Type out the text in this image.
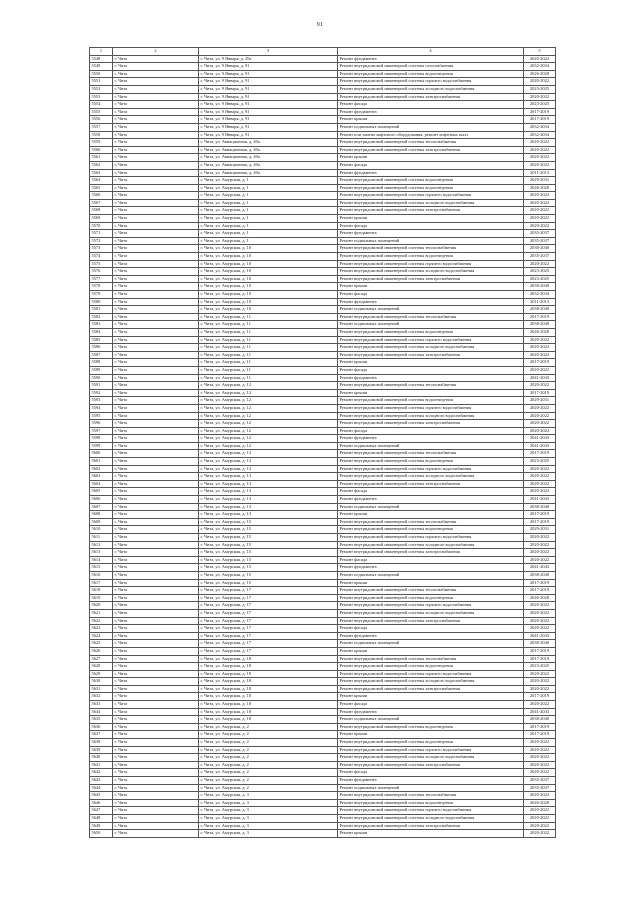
91
1	2	3	4	5
5548	г. Чита	г. Чита, ул. 9 Января, д. 29а	Ремонт фундамента	2020-2022
5549	г. Чита	г. Чита, ул. 9 Января, д. 91	Ремонт внутридомовой инженерной системы газоснабжения	2032-2034
5550	г. Чита	г. Чита, ул. 9 Января, д. 91	Ремонт внутридомовой инженерной системы водоотведения	2026-2028
5551	г. Чита	г. Чита, ул. 9 Января, д. 91	Ремонт внутридомовой инженерной системы горячего водоснабжения	2020-2022
5552	г. Чита	г. Чита, ул. 9 Января, д. 91	Ремонт внутридомовой инженерной системы холодного водоснабжения	2023-2025
5553	г. Чита	г. Чита, ул. 9 Января, д. 91	Ремонт внутридомовой инженерной системы электроснабжения	2020-2022
5554	г. Чита	г. Чита, ул. 9 Января, д. 91	Ремонт фасада	2023-2025
5555	г. Чита	г. Чита, ул. 9 Января, д. 91	Ремонт фундамента	2017-2019
5556	г. Чита	г. Чита, ул. 9 Января, д. 91	Ремонт крыши	2017-2019
5557	г. Чита	г. Чита, ул. 9 Января, д. 91	Ремонт подвальных помещений	2032-2034
5558	г. Чита	г. Чита, ул. 9 Января, д. 91	Ремонт или замена лифтового оборудования, ремонт лифтовых шахт	2032-2034
5559	г. Чита	г. Чита, ул. Авиационная, д. 40а	Ремонт внутридомовой инженерной системы теплоснабжения	2020-2022
5560	г. Чита	г. Чита, ул. Авиационная, д. 40а	Ремонт внутридомовой инженерной системы электроснабжения	2020-2022
5561	г. Чита	г. Чита, ул. Авиационная, д. 40а	Ремонт крыши	2020-2022
5562	г. Чита	г. Чита, ул. Авиационная, д. 40а	Ремонт фасада	2020-2022
5563	г. Чита	г. Чита, ул. Авиационная, д. 40а	Ремонт фундамента	2011-2013
5564	г. Чита	г. Чита, ул. Амурская, д. 1	Ремонт внутридомовой инженерной системы водоотведения	2029-2031
5565	г. Чита	г. Чита, ул. Амурская, д. 1	Ремонт внутридомовой инженерной системы водоотведения	2026-2028
5566	г. Чита	г. Чита, ул. Амурская, д. 1	Ремонт внутридомовой инженерной системы горячего водоснабжения	2020-2022
5567	г. Чита	г. Чита, ул. Амурская, д. 1	Ремонт внутридомовой инженерной системы холодного водоснабжения	2020-2022
5568	г. Чита	г. Чита, ул. Амурская, д. 1	Ремонт внутридомовой инженерной системы электроснабжения	2020-2022
5569	г. Чита	г. Чита, ул. Амурская, д. 1	Ремонт крыши	2020-2022
5570	г. Чита	г. Чита, ул. Амурская, д. 1	Ремонт фасада	2020-2022
5571	г. Чита	г. Чита, ул. Амурская, д. 1	Ремонт фундамента	2035-2037
5572	г. Чита	г. Чита, ул. Амурская, д. 1	Ремонт подвальных помещений	2035-2037
5573	г. Чита	г. Чита, ул. Амурская, д. 10	Ремонт внутридомовой инженерной системы теплоснабжения	2038-2040
5574	г. Чита	г. Чита, ул. Амурская, д. 10	Ремонт внутридомовой инженерной системы водоотведения	2035-2037
5575	г. Чита	г. Чита, ул. Амурская, д. 10	Ремонт внутридомовой инженерной системы горячего водоснабжения	2020-2022
5576	г. Чита	г. Чита, ул. Амурская, д. 10	Ремонт внутридомовой инженерной системы холодного водоснабжения	2023-2025
5577	г. Чита	г. Чита, ул. Амурская, д. 10	Ремонт внутридомовой инженерной системы электроснабжения	2023-2025
5578	г. Чита	г. Чита, ул. Амурская, д. 10	Ремонт крыши	2038-2040
5579	г. Чита	г. Чита, ул. Амурская, д. 10	Ремонт фасада	2032-2034
5580	г. Чита	г. Чита, ул. Амурская, д. 10	Ремонт фундамента	2011-2013
5581	г. Чита	г. Чита, ул. Амурская, д. 10	Ремонт подвальных помещений	2038-2040
5582	г. Чита	г. Чита, ул. Амурская, д. 11	Ремонт внутридомовой инженерной системы теплоснабжения	2017-2019
5583	г. Чита	г. Чита, ул. Амурская, д. 11	Ремонт подвальных помещений	2038-2040
5584	г. Чита	г. Чита, ул. Амурская, д. 11	Ремонт внутридомовой инженерной системы водоотведения	2026-2028
5585	г. Чита	г. Чита, ул. Амурская, д. 11	Ремонт внутридомовой инженерной системы горячего водоснабжения	2020-2022
5586	г. Чита	г. Чита, ул. Амурская, д. 11	Ремонт внутридомовой инженерной системы холодного водоснабжения	2020-2022
5587	г. Чита	г. Чита, ул. Амурская, д. 11	Ремонт внутридомовой инженерной системы электроснабжения	2020-2022
5588	г. Чита	г. Чита, ул. Амурская, д. 11	Ремонт крыши	2017-2019
5589	г. Чита	г. Чита, ул. Амурская, д. 11	Ремонт фасада	2020-2022
5590	г. Чита	г. Чита, ул. Амурская, д. 11	Ремонт фундамента	2041-2043
5591	г. Чита	г. Чита, ул. Амурская, д. 12	Ремонт внутридомовой инженерной системы теплоснабжения	2020-2022
5592	г. Чита	г. Чита, ул. Амурская, д. 12	Ремонт крыши	2017-2019
5593	г. Чита	г. Чита, ул. Амурская, д. 12	Ремонт внутридомовой инженерной системы водоотведения	2029-2031
5594	г. Чита	г. Чита, ул. Амурская, д. 12	Ремонт внутридомовой инженерной системы горячего водоснабжения	2020-2022
5595	г. Чита	г. Чита, ул. Амурская, д. 12	Ремонт внутридомовой инженерной системы холодного водоснабжения	2020-2022
5596	г. Чита	г. Чита, ул. Амурская, д. 12	Ремонт внутридомовой инженерной системы электроснабжения	2020-2022
5597	г. Чита	г. Чита, ул. Амурская, д. 12	Ремонт фасада	2020-2022
5598	г. Чита	г. Чита, ул. Амурская, д. 12	Ремонт фундамента	2041-2043
5599	г. Чита	г. Чита, ул. Амурская, д. 12	Ремонт подвальных помещений	2041-2043
5600	г. Чита	г. Чита, ул. Амурская, д. 13	Ремонт внутридомовой инженерной системы теплоснабжения	2017-2019
5601	г. Чита	г. Чита, ул. Амурская, д. 13	Ремонт внутридомовой инженерной системы водоотведения	2023-2025
5602	г. Чита	г. Чита, ул. Амурская, д. 13	Ремонт внутридомовой инженерной системы горячего водоснабжения	2020-2022
5603	г. Чита	г. Чита, ул. Амурская, д. 13	Ремонт внутридомовой инженерной системы холодного водоснабжения	2020-2022
5604	г. Чита	г. Чита, ул. Амурская, д. 13	Ремонт внутридомовой инженерной системы электроснабжения	2020-2022
5605	г. Чита	г. Чита, ул. Амурская, д. 13	Ремонт фасада	2020-2022
5606	г. Чита	г. Чита, ул. Амурская, д. 13	Ремонт фундамента	2041-2043
5607	г. Чита	г. Чита, ул. Амурская, д. 13	Ремонт подвальных помещений	2038-2040
5608	г. Чита	г. Чита, ул. Амурская, д. 13	Ремонт крыши	2017-2019
5609	г. Чита	г. Чита, ул. Амурская, д. 15	Ремонт внутридомовой инженерной системы теплоснабжения	2017-2019
5610	г. Чита	г. Чита, ул. Амурская, д. 15	Ремонт внутридомовой инженерной системы водоотведения	2029-2031
5611	г. Чита	г. Чита, ул. Амурская, д. 15	Ремонт внутридомовой инженерной системы горячего водоснабжения	2020-2022
5612	г. Чита	г. Чита, ул. Амурская, д. 15	Ремонт внутридомовой инженерной системы холодного водоснабжения	2020-2022
5613	г. Чита	г. Чита, ул. Амурская, д. 15	Ремонт внутридомовой инженерной системы электроснабжения	2020-2022
5614	г. Чита	г. Чита, ул. Амурская, д. 15	Ремонт фасада	2020-2022
5615	г. Чита	г. Чита, ул. Амурская, д. 15	Ремонт фундамента	2041-2043
5616	г. Чита	г. Чита, ул. Амурская, д. 15	Ремонт подвальных помещений	2038-2040
5617	г. Чита	г. Чита, ул. Амурская, д. 15	Ремонт крыши	2017-2019
5618	г. Чита	г. Чита, ул. Амурская, д. 17	Ремонт внутридомовой инженерной системы теплоснабжения	2017-2019
5619	г. Чита	г. Чита, ул. Амурская, д. 17	Ремонт внутридомовой инженерной системы водоотведения	2026-2028
5620	г. Чита	г. Чита, ул. Амурская, д. 17	Ремонт внутридомовой инженерной системы горячего водоснабжения	2020-2022
5621	г. Чита	г. Чита, ул. Амурская, д. 17	Ремонт внутридомовой инженерной системы холодного водоснабжения	2020-2022
5622	г. Чита	г. Чита, ул. Амурская, д. 17	Ремонт внутридомовой инженерной системы электроснабжения	2020-2022
5623	г. Чита	г. Чита, ул. Амурская, д. 17	Ремонт фасада	2020-2022
5624	г. Чита	г. Чита, ул. Амурская, д. 17	Ремонт фундамента	2041-2043
5625	г. Чита	г. Чита, ул. Амурская, д. 17	Ремонт подвальных помещений	2038-2040
5626	г. Чита	г. Чита, ул. Амурская, д. 17	Ремонт крыши	2017-2019
5627	г. Чита	г. Чита, ул. Амурская, д. 18	Ремонт внутридомовой инженерной системы теплоснабжения	2017-2019
5628	г. Чита	г. Чита, ул. Амурская, д. 18	Ремонт внутридомовой инженерной системы водоотведения	2023-2025
5629	г. Чита	г. Чита, ул. Амурская, д. 18	Ремонт внутридомовой инженерной системы горячего водоснабжения	2020-2022
5630	г. Чита	г. Чита, ул. Амурская, д. 18	Ремонт внутридомовой инженерной системы холодного водоснабжения	2020-2022
5631	г. Чита	г. Чита, ул. Амурская, д. 18	Ремонт внутридомовой инженерной системы электроснабжения	2020-2022
5632	г. Чита	г. Чита, ул. Амурская, д. 18	Ремонт крыши	2017-2019
5633	г. Чита	г. Чита, ул. Амурская, д. 18	Ремонт фасада	2020-2022
5634	г. Чита	г. Чита, ул. Амурская, д. 18	Ремонт фундамента	2041-2043
5635	г. Чита	г. Чита, ул. Амурская, д. 18	Ремонт подвальных помещений	2038-2040
5636	г. Чита	г. Чита, ул. Амурская, д. 2	Ремонт внутридомовой инженерной системы водоотведения	2017-2019
5637	г. Чита	г. Чита, ул. Амурская, д. 2	Ремонт крыши	2017-2019
5638	г. Чита	г. Чита, ул. Амурская, д. 2	Ремонт внутридомовой инженерной системы водоотведения	2020-2022
5639	г. Чита	г. Чита, ул. Амурская, д. 2	Ремонт внутридомовой инженерной системы горячего водоснабжения	2020-2022
5640	г. Чита	г. Чита, ул. Амурская, д. 2	Ремонт внутридомовой инженерной системы холодного водоснабжения	2020-2022
5641	г. Чита	г. Чита, ул. Амурская, д. 2	Ремонт внутридомовой инженерной системы электроснабжения	2020-2022
5642	г. Чита	г. Чита, ул. Амурская, д. 2	Ремонт фасада	2020-2022
5643	г. Чита	г. Чита, ул. Амурская, д. 2	Ремонт фундамента	2035-2037
5644	г. Чита	г. Чита, ул. Амурская, д. 2	Ремонт подвальных помещений	2035-2037
5645	г. Чита	г. Чита, ул. Амурская, д. 3	Ремонт внутридомовой инженерной системы теплоснабжения	2020-2022
5646	г. Чита	г. Чита, ул. Амурская, д. 3	Ремонт внутридомовой инженерной системы водоотведения	2026-2028
5647	г. Чита	г. Чита, ул. Амурская, д. 3	Ремонт внутридомовой инженерной системы горячего водоснабжения	2020-2022
5648	г. Чита	г. Чита, ул. Амурская, д. 3	Ремонт внутридомовой инженерной системы холодного водоснабжения	2020-2022
5649	г. Чита	г. Чита, ул. Амурская, д. 3	Ремонт внутридомовой инженерной системы электроснабжения	2020-2022
5650	г. Чита	г. Чита, ул. Амурская, д. 3	Ремонт крыши	2020-2022
